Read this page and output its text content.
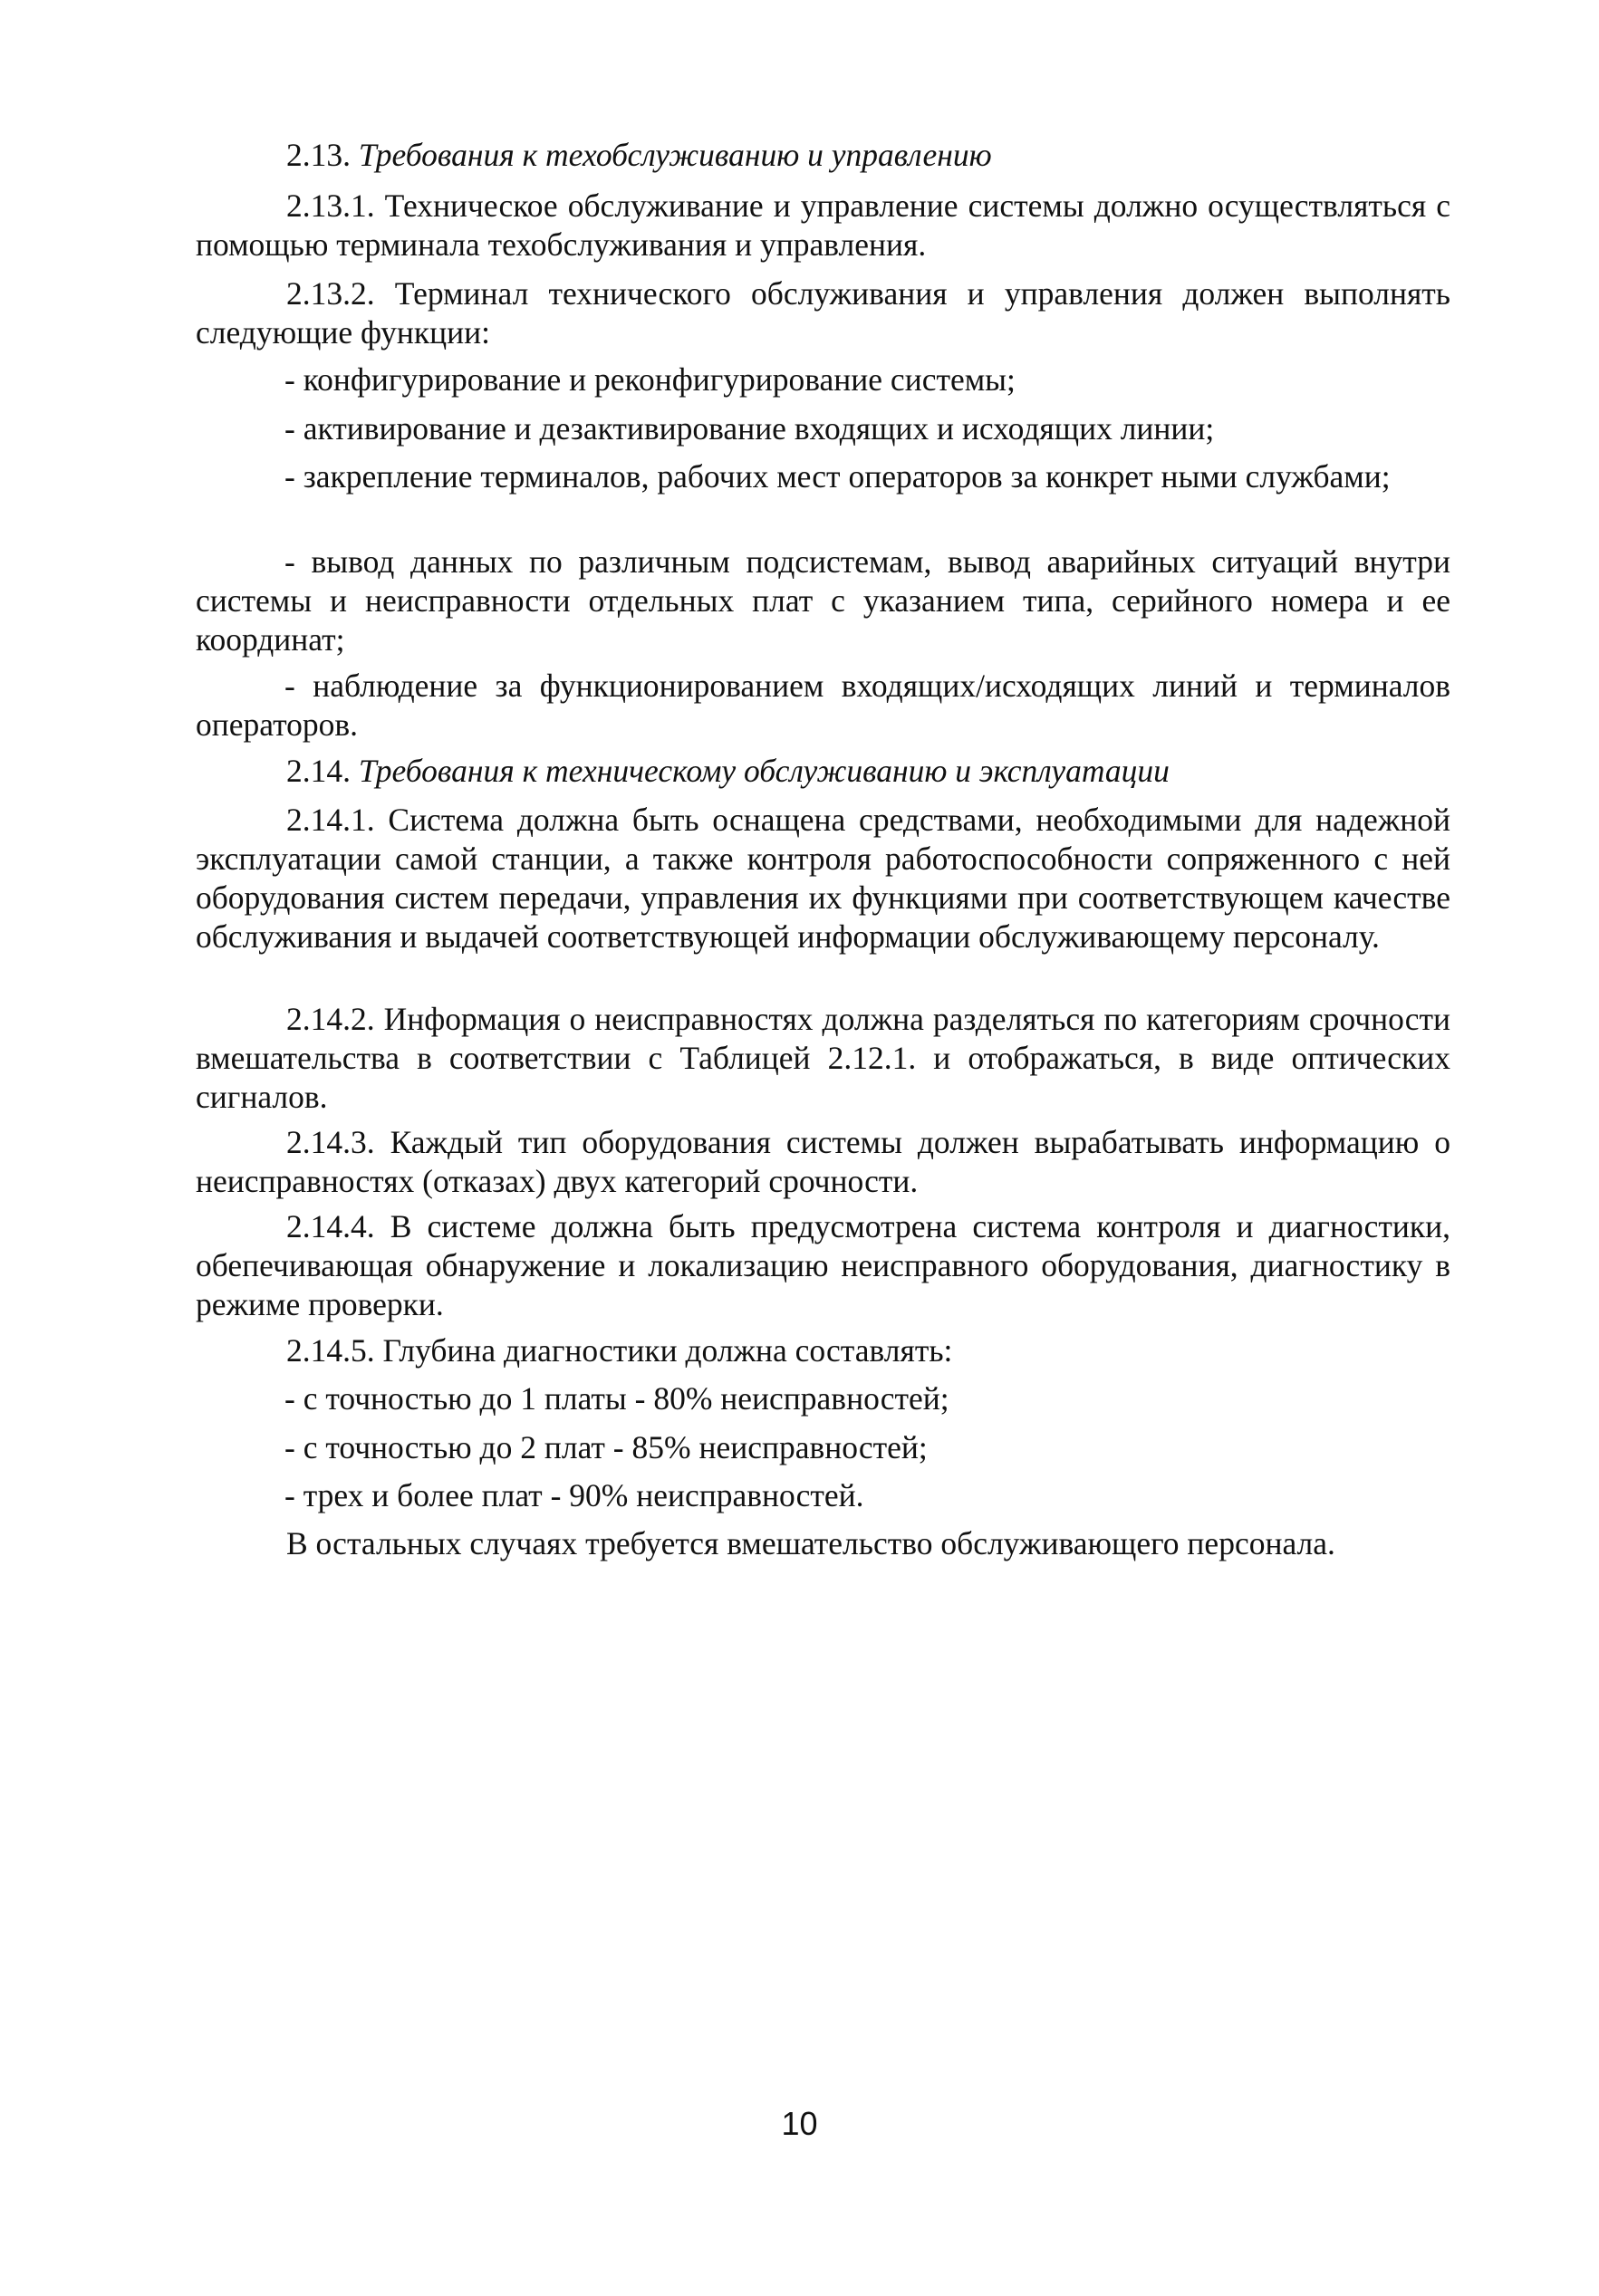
2.13. Требования к техобслуживанию и управлению
2.13.1. Техническое обслуживание и управление системы должно осуществляться с помощью терминала техобслуживания и управления.
2.13.2. Терминал технического обслуживания и управления должен выполнять следующие функции:
- конфигурирование и реконфигурирование системы;
- активирование и дезактивирование входящих и исходящих линии;
- закрепление терминалов, рабочих мест операторов за конкрет ными службами;
- вывод данных по различным подсистемам, вывод аварийных ситуаций внутри системы и неисправности отдельных плат с указанием типа, серийного номера и ее координат;
- наблюдение за функционированием входящих/исходящих линий и терминалов операторов.
2.14. Требования к техническому обслуживанию и эксплуатации
2.14.1. Система должна быть оснащена средствами, необходимыми для надежной эксплуатации самой станции, а также контроля работоспособности сопряженного с ней оборудования систем передачи, управления их функциями при соответствующем качестве обслуживания и выдачей соответствующей информации обслуживающему персоналу.
2.14.2. Информация о неисправностях должна разделяться по категориям срочности вмешательства в соответствии с Таблицей 2.12.1. и отображаться, в виде оптических сигналов.
2.14.3. Каждый тип оборудования системы должен вырабатывать информацию о неисправностях (отказах) двух категорий срочности.
2.14.4. В системе должна быть предусмотрена система контроля и диагностики, обепечивающая обнаружение и локализацию неисправного оборудования, диагностику в режиме проверки.
2.14.5. Глубина диагностики должна составлять:
- с точностью до 1 платы - 80% неисправностей;
- с точностью до 2 плат - 85% неисправностей;
- трех и более плат - 90% неисправностей.
В остальных случаях требуется вмешательство обслуживающего персонала.
10
